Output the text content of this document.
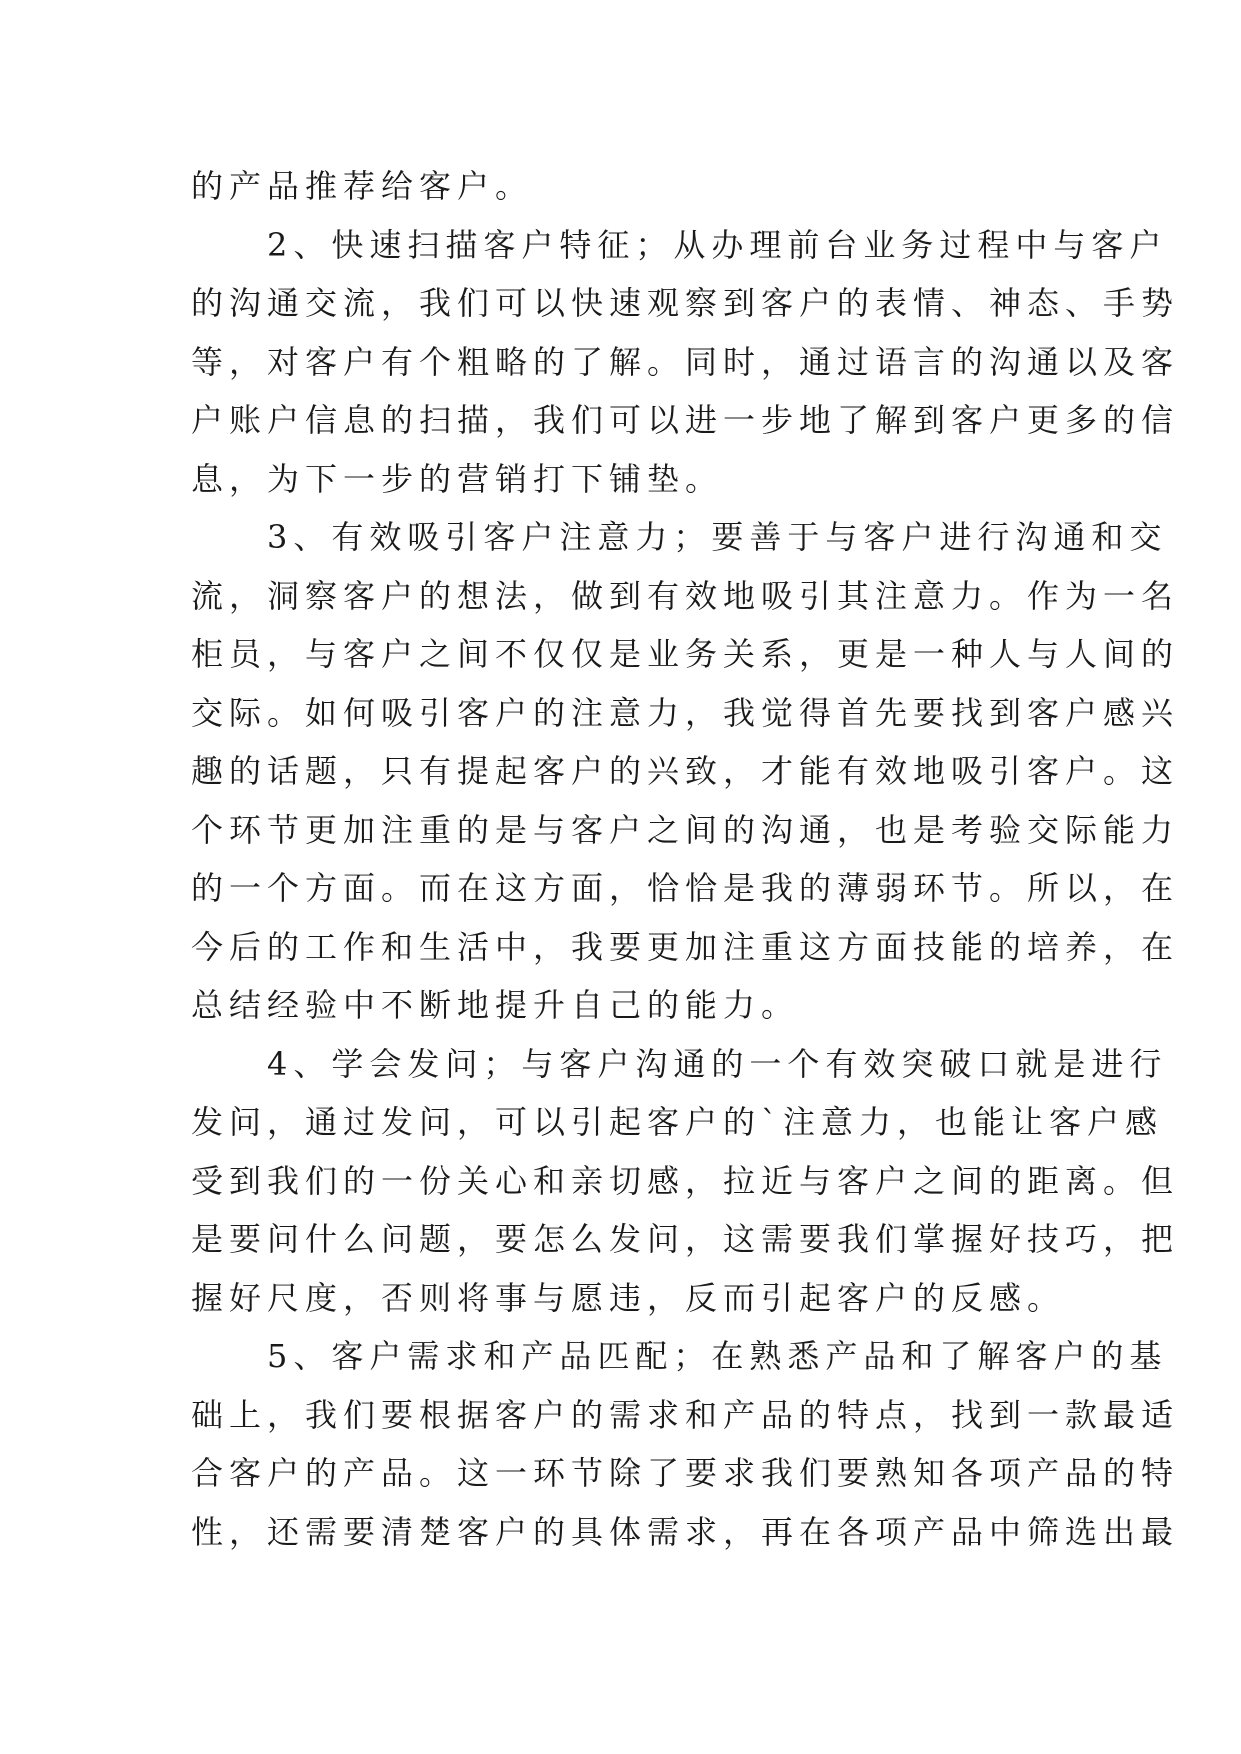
的产品推荐给客户。
　　2、快速扫描客户特征；从办理前台业务过程中与客户
的沟通交流，我们可以快速观察到客户的表情、神态、手势
等，对客户有个粗略的了解。同时，通过语言的沟通以及客
户账户信息的扫描，我们可以进一步地了解到客户更多的信
息，为下一步的营销打下铺垫。
　　3、有效吸引客户注意力；要善于与客户进行沟通和交
流，洞察客户的想法，做到有效地吸引其注意力。作为一名
柜员，与客户之间不仅仅是业务关系，更是一种人与人间的
交际。如何吸引客户的注意力，我觉得首先要找到客户感兴
趣的话题，只有提起客户的兴致，才能有效地吸引客户。这
个环节更加注重的是与客户之间的沟通，也是考验交际能力
的一个方面。而在这方面，恰恰是我的薄弱环节。所以，在
今后的工作和生活中，我要更加注重这方面技能的培养，在
总结经验中不断地提升自己的能力。
　　4、学会发问；与客户沟通的一个有效突破口就是进行
发问，通过发问，可以引起客户的`注意力，也能让客户感
受到我们的一份关心和亲切感，拉近与客户之间的距离。但
是要问什么问题，要怎么发问，这需要我们掌握好技巧，把
握好尺度，否则将事与愿违，反而引起客户的反感。
　　5、客户需求和产品匹配；在熟悉产品和了解客户的基
础上，我们要根据客户的需求和产品的特点，找到一款最适
合客户的产品。这一环节除了要求我们要熟知各项产品的特
性，还需要清楚客户的具体需求，再在各项产品中筛选出最
